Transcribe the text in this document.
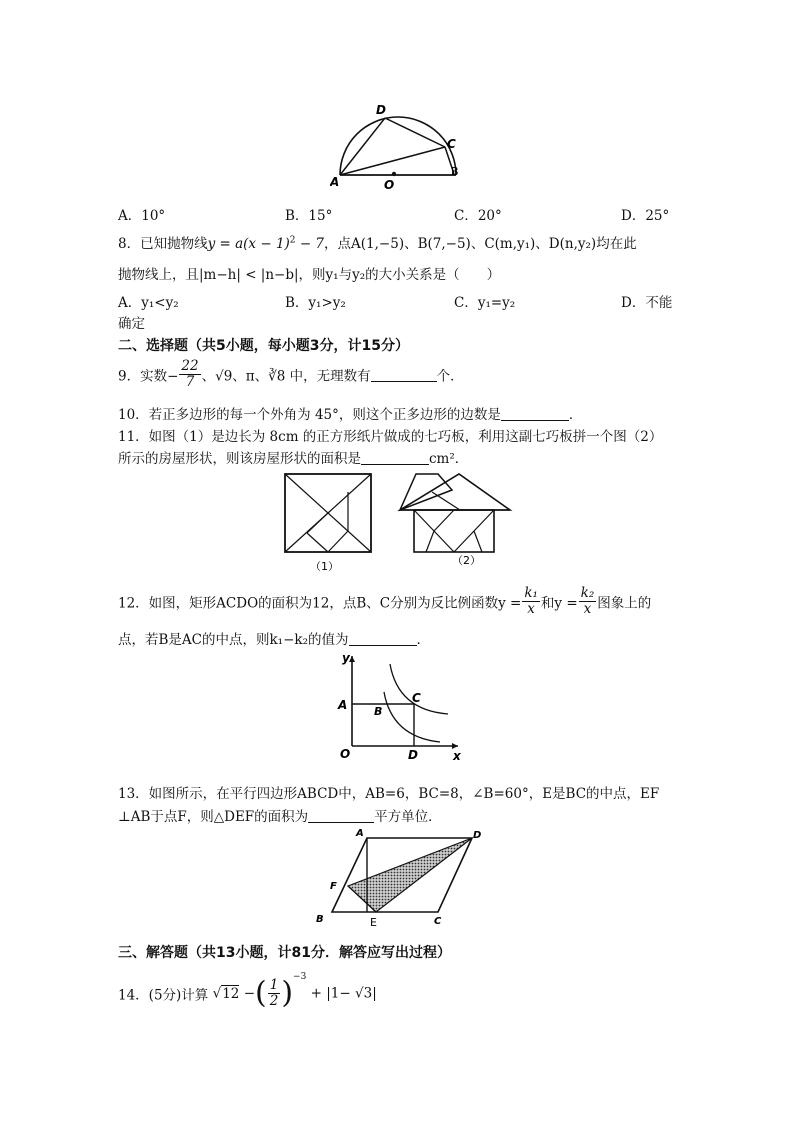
A	O
D
C
B
A．10°	B．15°	C．20°	D．25°
8．已知抛物线$y = a(x - 1)^2 - 7$，点A(1,−5)、B(7,−5)、C(m,y₁)、D(n,y₂)均在此
抛物线上，且|m−h| < |n−b|，则y₁与y₂的大小关系是（　　）
A．y₁<y₂	B．y₁>y₂	C．y₁=y₂	D．不能
确定
二、选择题（共5小题，每小题3分，计15分）
9．实数− $\frac{22}{7}$ 、√9、π、∛8 中，无理数有	个．
10．若正多边形的每一个外角为 45°，则这个正多边形的边数是	．
11．如图（1）是边长为 8cm 的正方形纸片做成的七巧板，利用这副七巧板拼一个图（2）
所示的房屋形状，则该房屋形状的面积是	cm²．
（1）	（2）
12．如图，矩形ACDO的面积为12，点B、C分别为反比例函数$y = \frac{\text{k₁}}{x}$ 和$y = \frac{\text{k₂}}{x}$ 图象上的
点，若B是AC的中点，则k₁−k₂的值为	．
y
x
A B
C
O	D
13．如图所示，在平行四边形ABCD中，AB=6，BC=8，∠B=60°，E是BC的中点，EF
⊥AB于点F，则△DEF的面积为	平方单位．
A	D
F
B	E	C
三、解答题（共13小题，计81分．解答应写出过程）
14．(5分)计算 √12 −( $\frac{1}{2} )^{-3} + |1- √3|$
